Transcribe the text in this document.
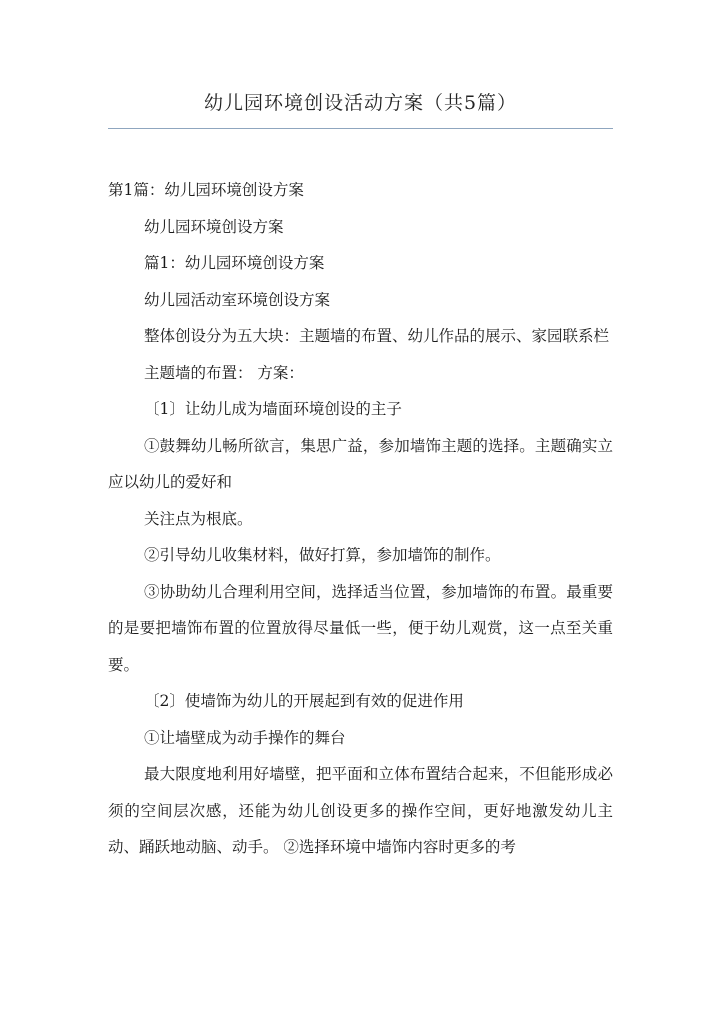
幼儿园环境创设活动方案（共5篇）

第1篇：幼儿园环境创设方案

幼儿园环境创设方案

篇1：幼儿园环境创设方案

幼儿园活动室环境创设方案

整体创设分为五大块：主题墙的布置、幼儿作品的展示、家园联系栏

主题墙的布置： 方案：

〔1〕让幼儿成为墙面环境创设的主子

①鼓舞幼儿畅所欲言，集思广益，参加墙饰主题的选择。主题确实立应以幼儿的爱好和

关注点为根底。

②引导幼儿收集材料，做好打算，参加墙饰的制作。

③协助幼儿合理利用空间，选择适当位置，参加墙饰的布置。最重要的是要把墙饰布置的位置放得尽量低一些，便于幼儿观赏，这一点至关重要。

〔2〕使墙饰为幼儿的开展起到有效的促进作用

①让墙壁成为动手操作的舞台

最大限度地利用好墙壁，把平面和立体布置结合起来，不但能形成必须的空间层次感，还能为幼儿创设更多的操作空间，更好地激发幼儿主动、踊跃地动脑、动手。 ②选择环境中墙饰内容时更多的考
